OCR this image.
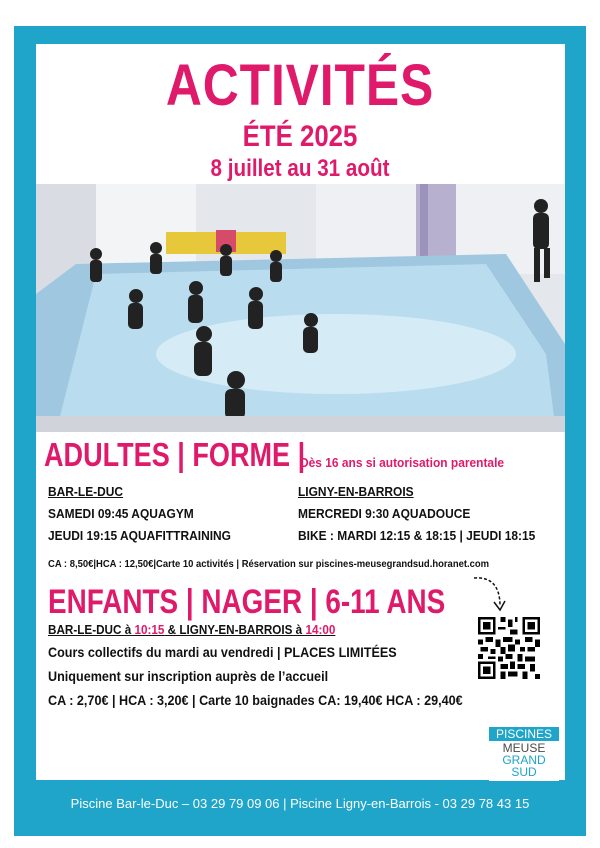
ACTIVITÉS
ÉTÉ 2025
8 juillet au 31 août
ADULTES | FORME |
Dès 16 ans si autorisation parentale
BAR-LE-DUC
SAMEDI 09:45 AQUAGYM
JEUDI 19:15 AQUAFITTRAINING
LIGNY-EN-BARROIS
MERCREDI 9:30 AQUADOUCE
BIKE : MARDI 12:15 & 18:15 | JEUDI 18:15
CA : 8,50€|HCA : 12,50€|Carte 10 activités | Réservation sur piscines-meusegrandsud.horanet.com
ENFANTS | NAGER | 6-11 ANS
BAR-LE-DUC à 10:15 & LIGNY-EN-BARROIS à 14:00
Cours collectifs du mardi au vendredi | PLACES LIMITÉES
Uniquement sur inscription auprès de l’accueil
CA : 2,70€ | HCA : 3,20€ | Carte 10 baignades CA: 19,40€ HCA : 29,40€
PISCINES
MEUSE
GRAND
SUD
Piscine Bar-le-Duc – 03 29 79 09 06 | Piscine Ligny-en-Barrois - 03 29 78 43 15
